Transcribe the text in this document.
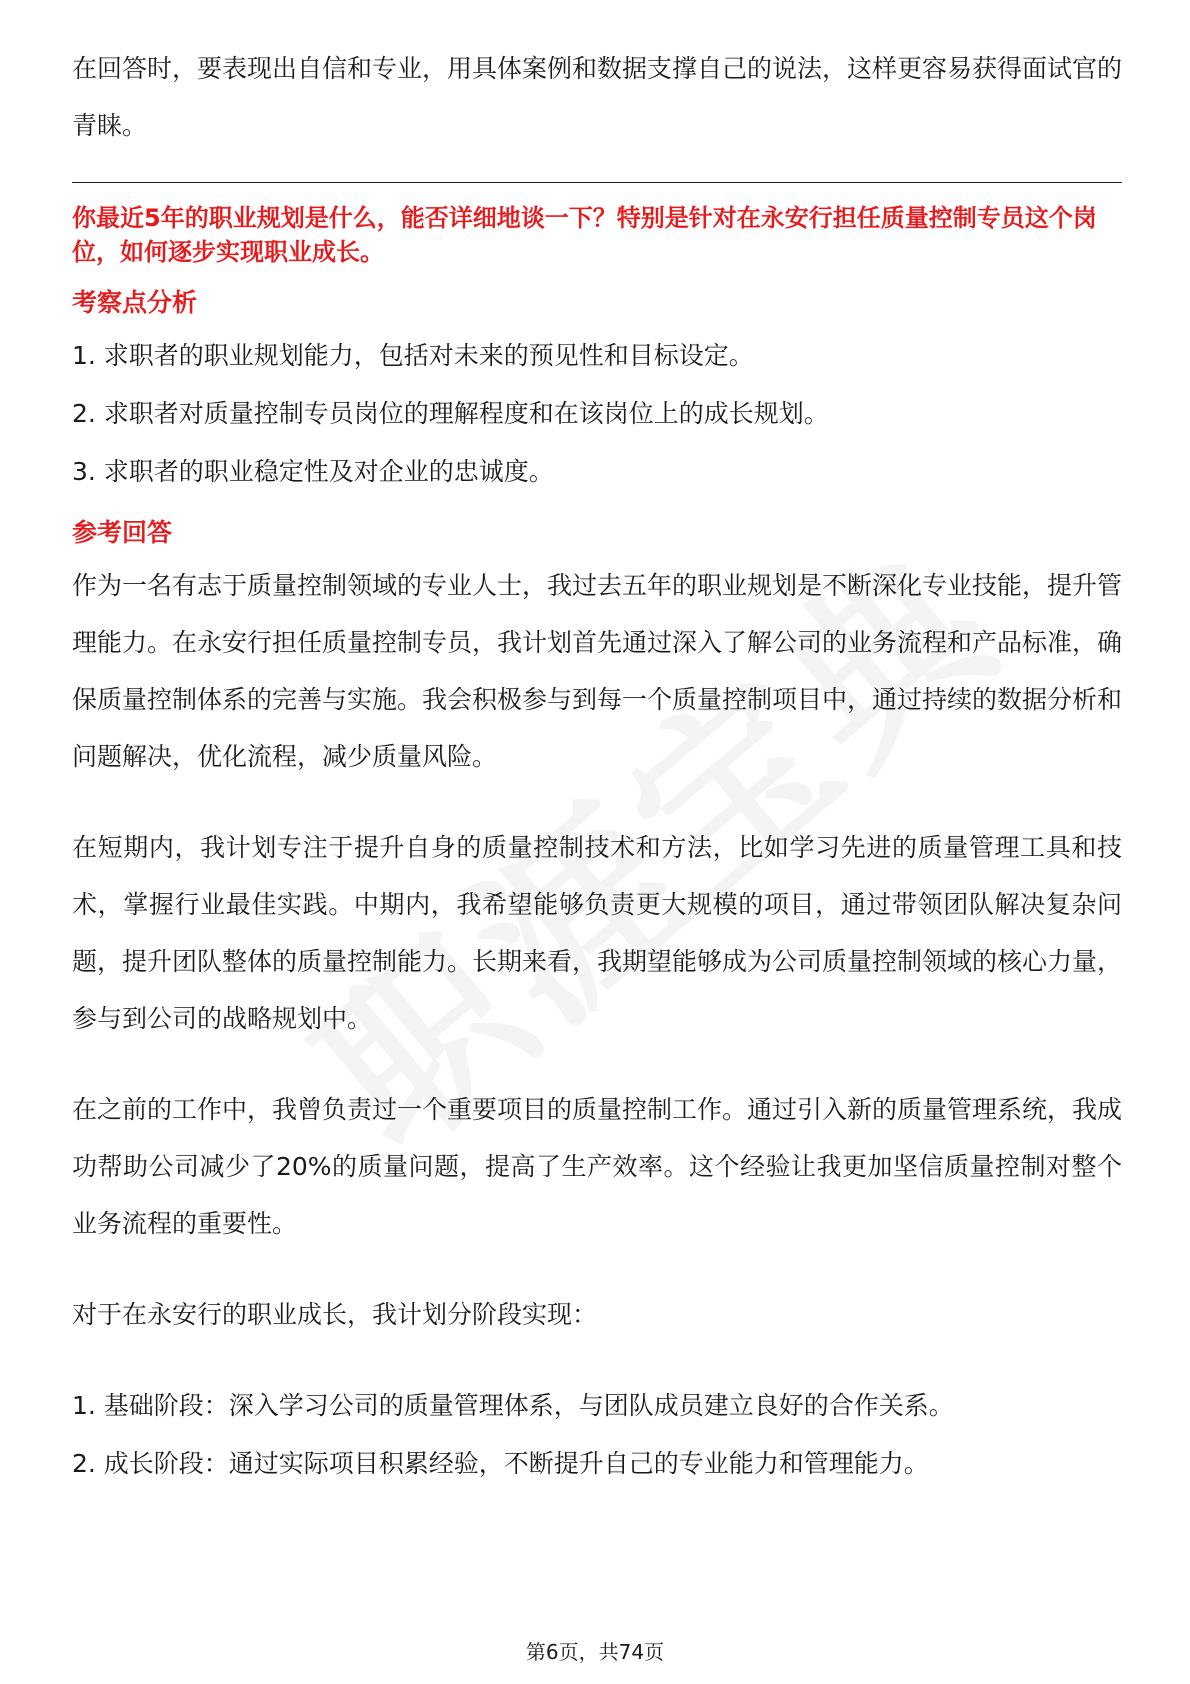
在回答时，要表现出自信和专业，用具体案例和数据支撑自己的说法，这样更容易获得面试官的青睐。

你最近5年的职业规划是什么，能否详细地谈一下？特别是针对在永安行担任质量控制专员这个岗位，如何逐步实现职业成长。

考察点分析

1. 求职者的职业规划能力，包括对未来的预见性和目标设定。

2. 求职者对质量控制专员岗位的理解程度和在该岗位上的成长规划。

3. 求职者的职业稳定性及对企业的忠诚度。

参考回答

作为一名有志于质量控制领域的专业人士，我过去五年的职业规划是不断深化专业技能，提升管理能力。在永安行担任质量控制专员，我计划首先通过深入了解公司的业务流程和产品标准，确保质量控制体系的完善与实施。我会积极参与到每一个质量控制项目中，通过持续的数据分析和问题解决，优化流程，减少质量风险。

在短期内，我计划专注于提升自身的质量控制技术和方法，比如学习先进的质量管理工具和技术，掌握行业最佳实践。中期内，我希望能够负责更大规模的项目，通过带领团队解决复杂问题，提升团队整体的质量控制能力。长期来看，我期望能够成为公司质量控制领域的核心力量，参与到公司的战略规划中。

在之前的工作中，我曾负责过一个重要项目的质量控制工作。通过引入新的质量管理系统，我成功帮助公司减少了20%的质量问题，提高了生产效率。这个经验让我更加坚信质量控制对整个业务流程的重要性。

对于在永安行的职业成长，我计划分阶段实现：

1. 基础阶段：深入学习公司的质量管理体系，与团队成员建立良好的合作关系。

2. 成长阶段：通过实际项目积累经验，不断提升自己的专业能力和管理能力。

第6页，共74页
